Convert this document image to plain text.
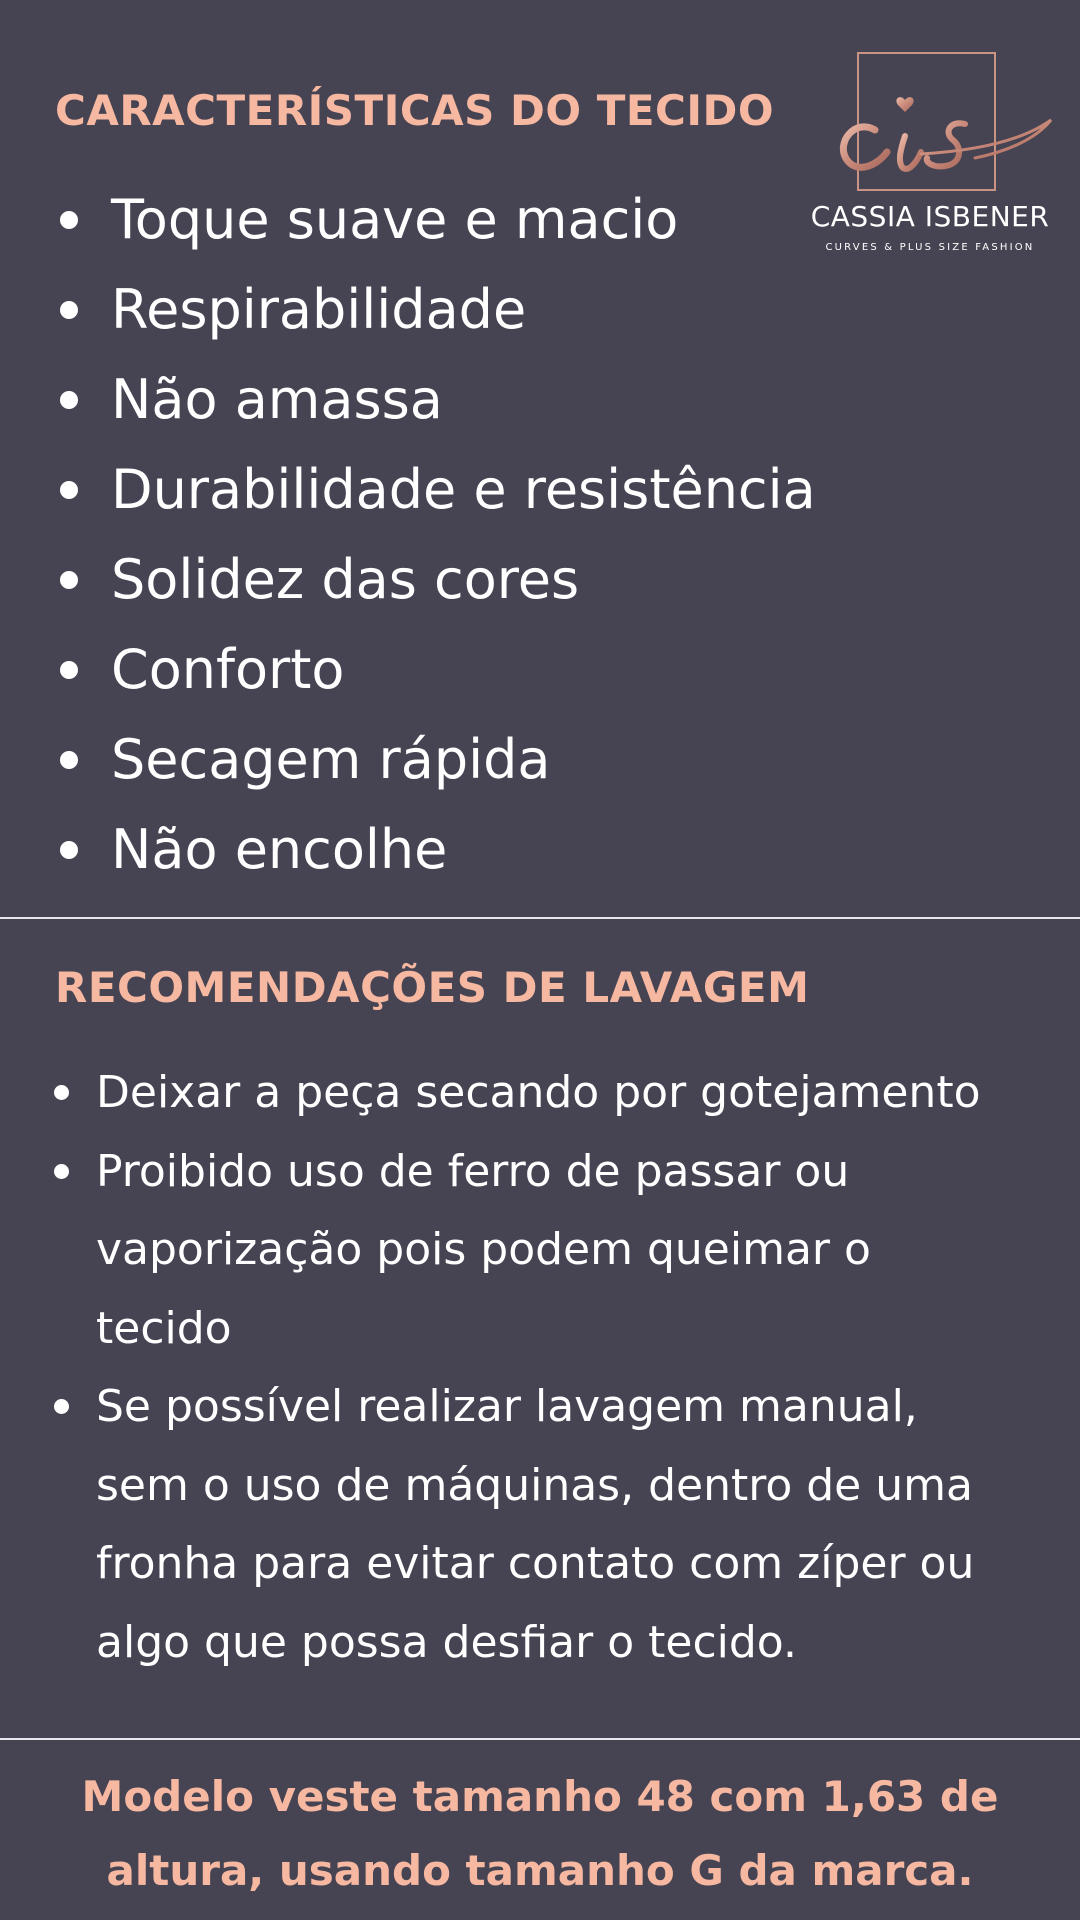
CASSIA ISBENER
CURVES & PLUS SIZE FASHION
CARACTERÍSTICAS DO TECIDO
Toque suave e macio
Respirabilidade
Não amassa
Durabilidade e resistência
Solidez das cores
Conforto
Secagem rápida
Não encolhe
RECOMENDAÇÕES DE LAVAGEM
Deixar a peça secando por gotejamento
Proibido uso de ferro de passar ou
vaporização pois podem queimar o
tecido
Se possível realizar lavagem manual,
sem o uso de máquinas, dentro de uma
fronha para evitar contato com zíper ou
algo que possa desfiar o tecido.

Modelo veste tamanho 48 com 1,63 de
altura, usando tamanho G da marca.
